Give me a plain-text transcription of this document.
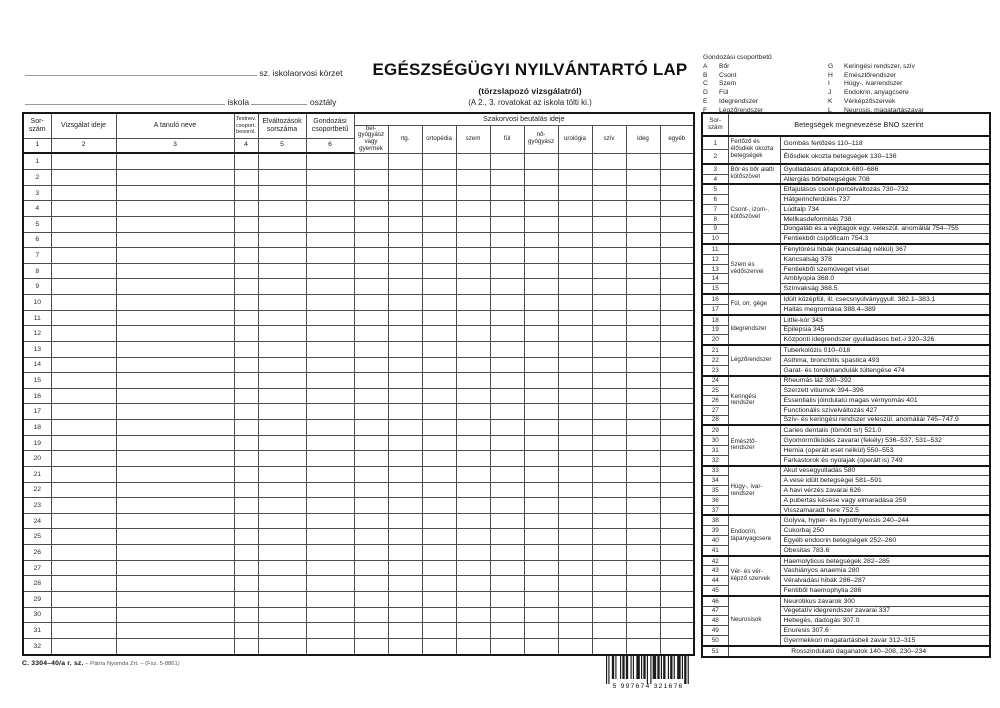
sz. iskolaorvosi körzet
iskola	osztály
EGÉSZSÉGÜGYI NYILVÁNTARTÓ LAP
(törzslapozó vizsgálatról)
(A 2., 3. rovatokat az iskola tölti ki.)
Gondozási csoportbetű
A	Bőr
B	Csont
C	Szem
D	Fül
E	Idegrendszer
F	Légzőrendszer
G	Keringési rendszer, szív
H	Emésztőrendszer
I	Húgy-, ivarrendszer
J	Endokrin, anyagcsere
K	Vérképzőszervek
L	Neurosis, magatartászavar
Sor-szám	Vizsgálat ideje	A tanuló neve	Testnev. csoport. besorol.	Elváltozások sorszáma	Gondozási csoportbetű	Szakorvosi beutalás ideje									
						bel-gyógyász vagy gyermek	rtg.	ortopédia	szem	fül	nő-gyógyász	urológia	szív	ideg	egyéb
1	2	3	4	5	6										
1															
2															
3															
4															
5															
6															
7															
8															
9															
10															
11															
12															
13															
14															
15															
16															
17															
18															
19															
20															
21															
22															
23															
24															
25															
26															
27															
28															
29															
30															
31															
32															
Sor-szám	Betegségek megnevezése BNO szerint	
1	Fertőző és élősdiek okozta betegségek	Gombás fertőzés 110–118
2		Élősdiek okozta betegségek 130–136
3	Bőr és bőr alatti kötőszövet	Gyulladásos állapotok 680–686
4		Allergiás bőrbetegségek 708
5	Csont-, izom-, kötőszövet	Elfajulásos csont-porcelváltozás 730–732
6		Hátgerincferdülés 737
7		Lúdtalp 734
8		Mellkasdeformitás 738
9		Dongaláb és a végtagok egy. veleszül. anomáliái 754–755
10		Fentiekből csípőficam 754.3
11	Szem és védőszervei	Fénytörési hibák (kancsalság nélkül) 367
12		Kancsalság 378
13		Fentiekből szemüveget visel
14		Amblyopia 368.0
15		Színvakság 368.5
16	Fül, orr, gége	Idült középfül, ill. csecsnyúlványgyull. 382.1–383.1
17		Hallás megromlása 388.4–389
18	Idegrendszer	Little-kór 343
19		Epilepsia 345
20		Központi idegrendszer gyulladásos bet.-i 320–326
21	Légzőrendszer	Tuberkolózis 010–018
22		Asthma, bronchitis spastica 493
23		Garat- és torokmandulák túltengése 474
24	Keringési rendszer	Rheumás láz 390–392
25		Szerzett vitiumok 394–396
26		Essentialis jóindulatú magas vérnyomás 401
27		Functionális szívelváltozás 427
28		Szív- és keringési rendszer veleszül. anomáliái 745–747.9
29	Emésztő-rendszer	Caries dentalis (tömött is!) 521.0
30		Gyomorműködés zavarai (fekély) 536–537, 531–532
31		Hernia (operált eset nélkül) 550–553
32		Farkastorok és nyúlajak (operált is) 749
33	Húgy-, ivar-rendszer	Akut vesegyulladás 580
34		A vese idült betegségei 581–591
35		A havi vérzés zavarai 626
36		A pubertás késése vagy elmaradása 259
37		Visszamaradt here 752.5
38	Endocrin, tápanyagcsere	Golyva, hyper- és hypothyreosis 240–244
39		Cukorbaj 250
40		Egyéb endocrin betegségek 252–260
41		Obesitas 783.6
42	Vér- és vér-képző szervek	Haemolyticus betegségek 282–285
43		Vashiányos anaemia 280
44		Véralvadási hibák 286–287
45		Fentiből haemophylia 286
46	Neurosisok	Neurotikus zavarok 300
47		Vegetatív idegrendszer zavarai 337
48		Hebegés, dadogás 307.0
49		Enuresis 307.6
50		Gyermekkori magatartásbeli zavar 312–315
51	Rosszindulatú daganatok 140–208, 230–234	
C. 3304–40/a r. sz. – Pátria Nyomda Zrt. – (Fsz. 5-8861)
5 997674 321676
